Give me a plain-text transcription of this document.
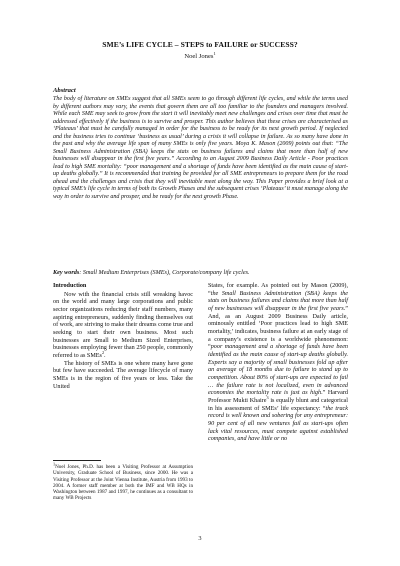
SME’s LIFE CYCLE – STEPS to FAILURE or SUCCESS?
Noel Jones$^1$
Abstract

The body of literature on SMEs suggest that all SMEs seem to go through different life cycles, and while the terms used by different authors may vary, the events that govern them are all too familiar to the founders and managers involved. While each SME may seek to grow from the start it will inevitably meet new challenges and crises over time that must be addressed effectively if the business is to survive and prosper. This author believes that these crises are characterised as ‘Plateaus’ that must be carefully managed in order for the business to be ready for its next growth period. If neglected and the business tries to continue ‘business as usual’ during a crisis it will collapse in failure. As so many have done in the past and why the average life span of many SMEs is only five years. Moya K. Mason (2009) points out that: “The Small Business Administration (SBA) keeps the stats on business failures and claims that more than half of new businesses will disappear in the first five years.” According to an August 2009 Business Daily Article - Poor practices lead to high SME mortality: “poor management and a shortage of funds have been identified as the main cause of start-up deaths globally.” It is recommended that training be provided for all SME entrepreneurs to prepare them for the road ahead and the challenges and crisis that they will inevitable meet along the way. This Paper provides a brief look at a typical SME’s life cycle in terms of both its Growth Phases and the subsequent crises ‘Plateaus’ it must manage along the way in order to survive and prosper, and be ready for the next growth Phase.

Key words: Small Medium Enterprises (SMEs), Corporate/company life cycles.

Introduction

Now with the financial crisis still wreaking havoc on the world and many large corporations and public sector organizations reducing their staff numbers, many aspiring entrepreneurs, suddenly finding themselves out of work, are striving to make their dreams come true and seeking to start their own business. Most such businesses are Small to Medium Sized Enterprises, businesses employing fewer than 250 people, commonly referred to as SMEs$^2$.

The history of SMEs is one where many have gone but few have succeeded. The average lifecycle of many SMEs is in the region of five years or less. Take the United

$^1$Noel Jones, Ph.D. has been a Visiting Professor at Assumption University, Graduate School of Business, since 2000. He was a Visiting Professor at the Joint Vienna Institute, Austria from 1993 to 2004. A former staff member at both the IMF and WB HQs in Washington between 1987 and 1997, he continues as a consultant to many WB Projects

States, for example. As pointed out by Mason (2009), “the Small Business Administration (SBA) keeps the stats on business failures and claims that more than half of new businesses will disappear in the first five years.” And, as an August 2009 Business Daily article, ominously entitled ‘Poor practices lead to high SME mortality,’ indicates, business failure at an early stage of a company’s existence is a worldwide phenomenon: “poor management and a shortage of funds have been identified as the main cause of start-up deaths globally. Experts say a majority of small businesses fold up after an average of 18 months due to failure to stand up to competition. About 80% of start-ups are expected to fail … the failure rate is not localized, even in advanced economies the mortality rate is just as high.” Harvard Professor Mukti Khaire$^3$ is equally blunt and categorical in his assessment of SMEs’ life expectancy: “the track record is well known and sobering for any entrepreneur: 90 per cent of all new ventures fail as start-ups often lack vital resources, must compete against established companies, and have little or no

3
